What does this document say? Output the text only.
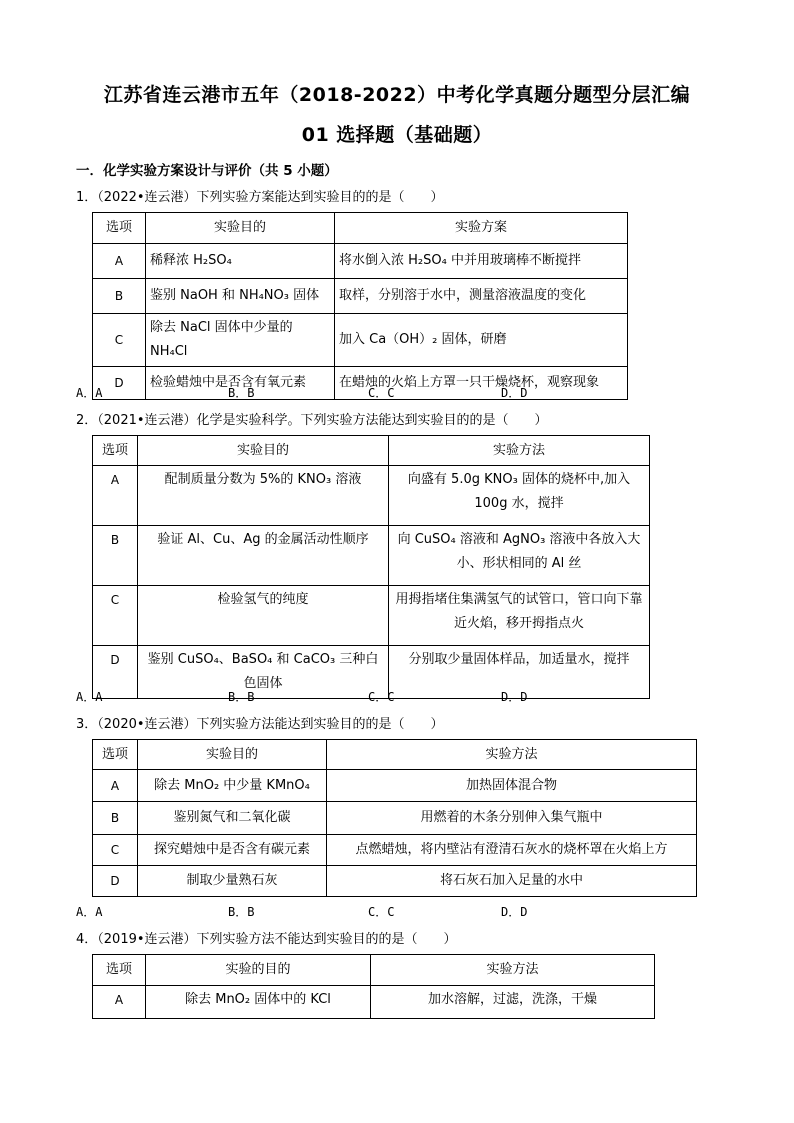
江苏省连云港市五年（2018-2022）中考化学真题分题型分层汇编
01 选择题（基础题）
一．化学实验方案设计与评价（共 5 小题）
1．（2022•连云港）下列实验方案能达到实验目的的是（　　）
选项	实验目的	实验方案
A	稀释浓 H₂SO₄	将水倒入浓 H₂SO₄ 中并用玻璃棒不断搅拌
B	鉴别 NaOH 和 NH₄NO₃ 固体	取样，分别溶于水中，测量溶液温度的变化
C	除去 NaCl 固体中少量的 NH₄Cl	加入 Ca（OH）₂ 固体，研磨
D	检验蜡烛中是否含有氧元素	在蜡烛的火焰上方罩一只干燥烧杯，观察现象
A．A	B．B	C．C	D．D
2．（2021•连云港）化学是实验科学。下列实验方法能达到实验目的的是（　　）
选项	实验目的	实验方法
A	配制质量分数为 5%的 KNO₃ 溶液	向盛有 5.0g KNO₃ 固体的烧杯中,加入 100g 水，搅拌
B	验证 Al、Cu、Ag 的金属活动性顺序	向 CuSO₄ 溶液和 AgNO₃ 溶液中各放入大小、形状相同的 Al 丝
C	检验氢气的纯度	用拇指堵住集满氢气的试管口，管口向下靠近火焰，移开拇指点火
D	鉴别 CuSO₄、BaSO₄ 和 CaCO₃ 三种白色固体	分别取少量固体样品，加适量水，搅拌
A．A	B．B	C．C	D．D
3．（2020•连云港）下列实验方法能达到实验目的的是（　　）
选项	实验目的	实验方法
A	除去 MnO₂ 中少量 KMnO₄	加热固体混合物
B	鉴别氮气和二氧化碳	用燃着的木条分别伸入集气瓶中
C	探究蜡烛中是否含有碳元素	点燃蜡烛，将内壁沾有澄清石灰水的烧杯罩在火焰上方
D	制取少量熟石灰	将石灰石加入足量的水中
A．A	B．B	C．C	D．D
4．（2019•连云港）下列实验方法不能达到实验目的的是（　　）
选项	实验的目的	实验方法
A	除去 MnO₂ 固体中的 KCl	加水溶解，过滤，洗涤，干燥
